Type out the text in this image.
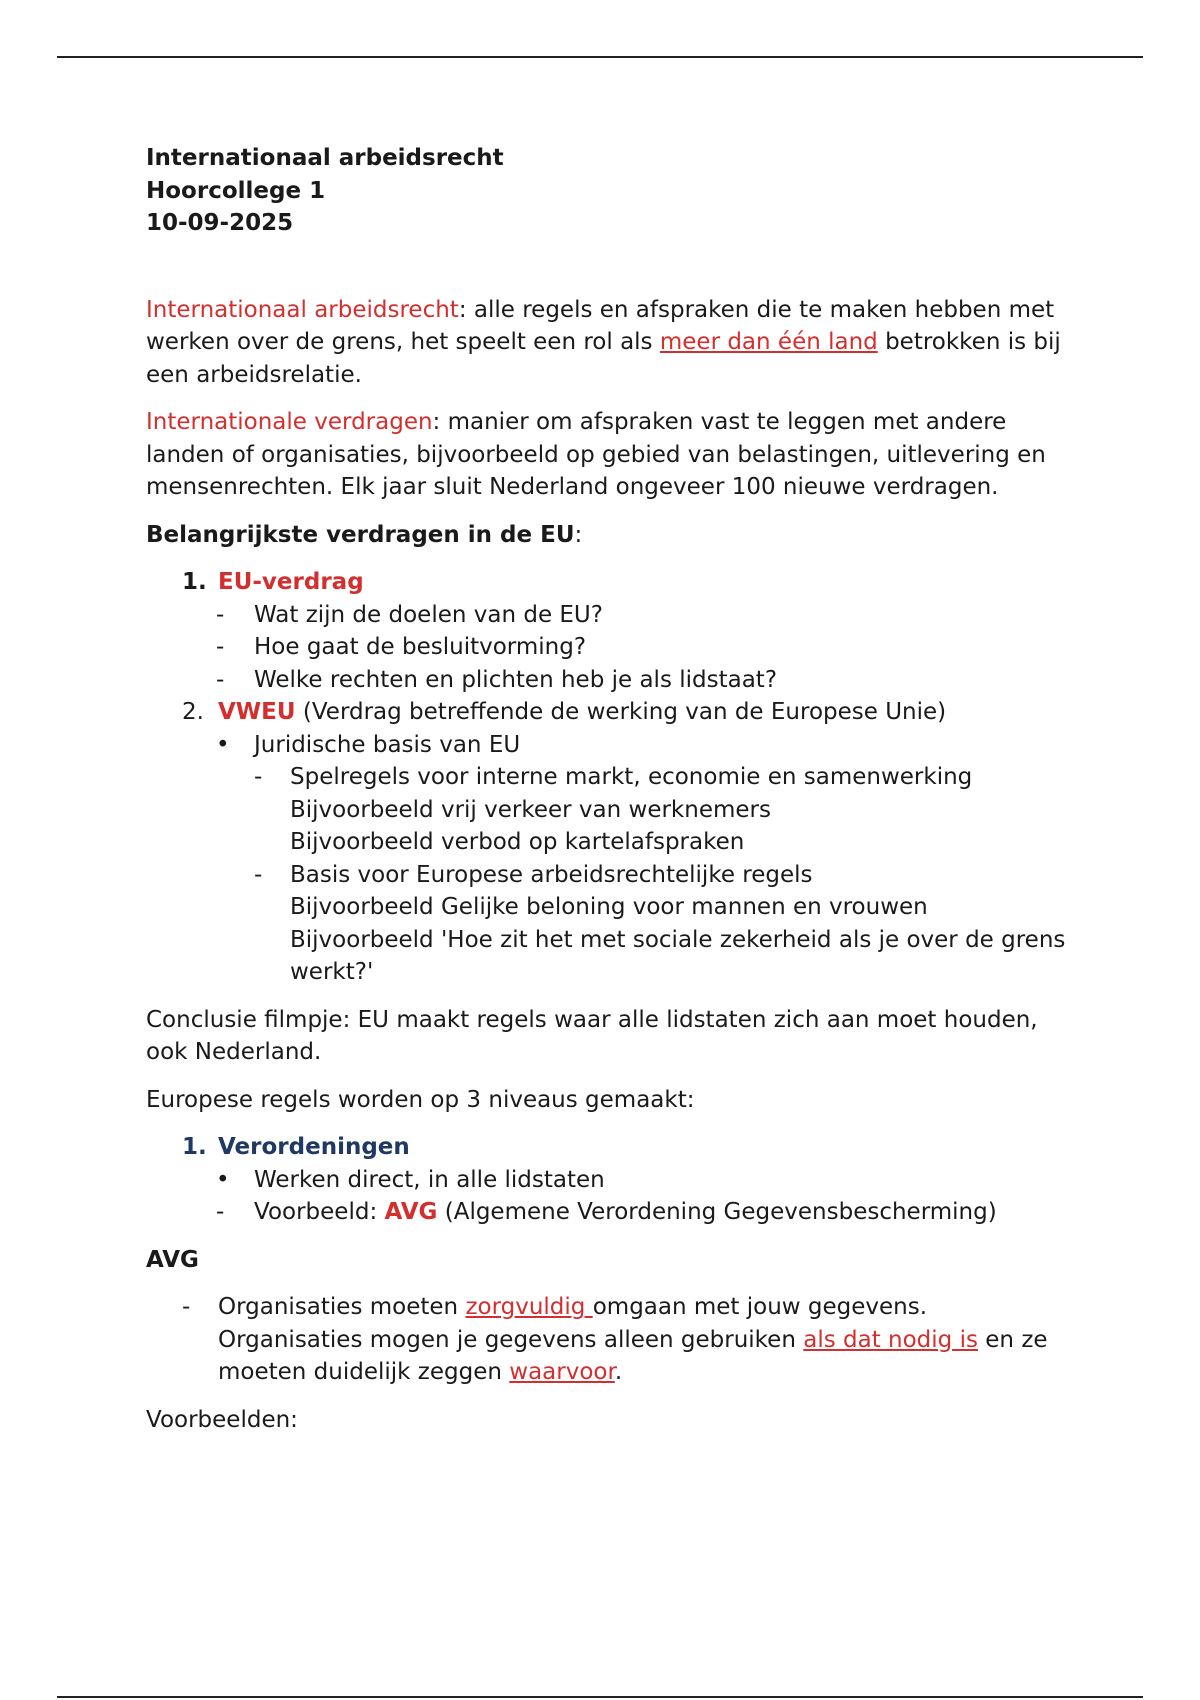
Internationaal arbeidsrecht

Hoorcollege 1

10-09-2025

Internationaal arbeidsrecht: alle regels en afspraken die te maken hebben met werken over de grens, het speelt een rol als meer dan één land betrokken is bij een arbeidsrelatie.

Internationale verdragen: manier om afspraken vast te leggen met andere landen of organisaties, bijvoorbeeld op gebied van belastingen, uitlevering en mensenrechten. Elk jaar sluit Nederland ongeveer 100 nieuwe verdragen.

Belangrijkste verdragen in de EU:

1. EU-verdrag
- Wat zijn de doelen van de EU?
- Hoe gaat de besluitvorming?
- Welke rechten en plichten heb je als lidstaat?
2. VWEU (Verdrag betreffende de werking van de Europese Unie)
• Juridische basis van EU
- Spelregels voor interne markt, economie en samenwerking
Bijvoorbeeld vrij verkeer van werknemers
Bijvoorbeeld verbod op kartelafspraken
- Basis voor Europese arbeidsrechtelijke regels
Bijvoorbeeld Gelijke beloning voor mannen en vrouwen
Bijvoorbeeld 'Hoe zit het met sociale zekerheid als je over de grens werkt?'

Conclusie filmpje: EU maakt regels waar alle lidstaten zich aan moet houden, ook Nederland.

Europese regels worden op 3 niveaus gemaakt:

1. Verordeningen
• Werken direct, in alle lidstaten
- Voorbeeld: AVG (Algemene Verordening Gegevensbescherming)

AVG

- Organisaties moeten zorgvuldig omgaan met jouw gegevens.
Organisaties mogen je gegevens alleen gebruiken als dat nodig is en ze moeten duidelijk zeggen waarvoor.

Voorbeelden:
